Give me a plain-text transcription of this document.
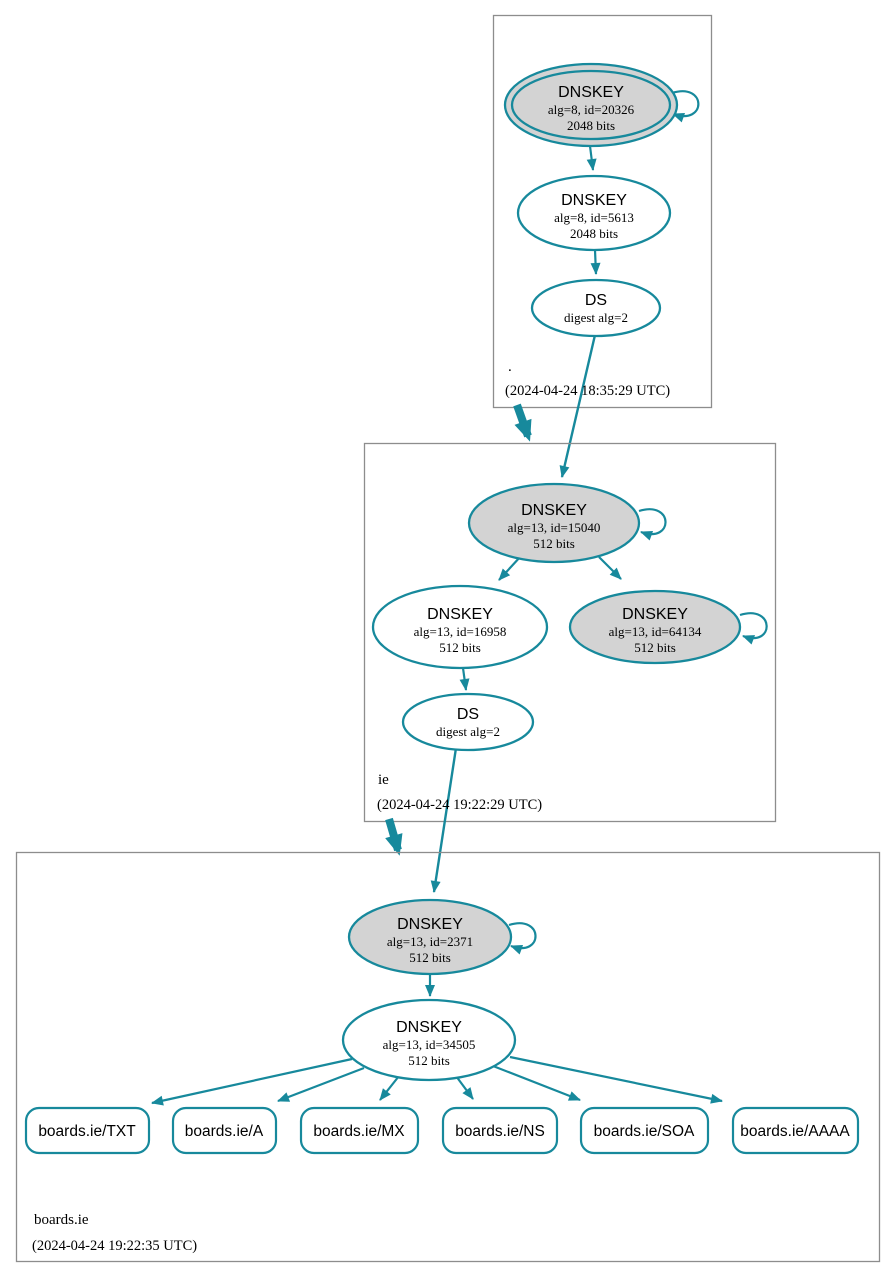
DNSKEY
alg=8, id=20326
2048 bits
DNSKEY
alg=8, id=5613
2048 bits
DS
digest alg=2
.
(2024-04-24 18:35:29 UTC)
DNSKEY
alg=13, id=15040
512 bits
DNSKEY
alg=13, id=16958
512 bits
DNSKEY
alg=13, id=64134
512 bits
DS
digest alg=2
ie
(2024-04-24 19:22:29 UTC)
DNSKEY
alg=13, id=2371
512 bits
DNSKEY
alg=13, id=34505
512 bits
boards.ie/TXT	boards.ie/A	boards.ie/MX	boards.ie/NS	boards.ie/SOA	boards.ie/AAAA
boards.ie
(2024-04-24 19:22:35 UTC)
